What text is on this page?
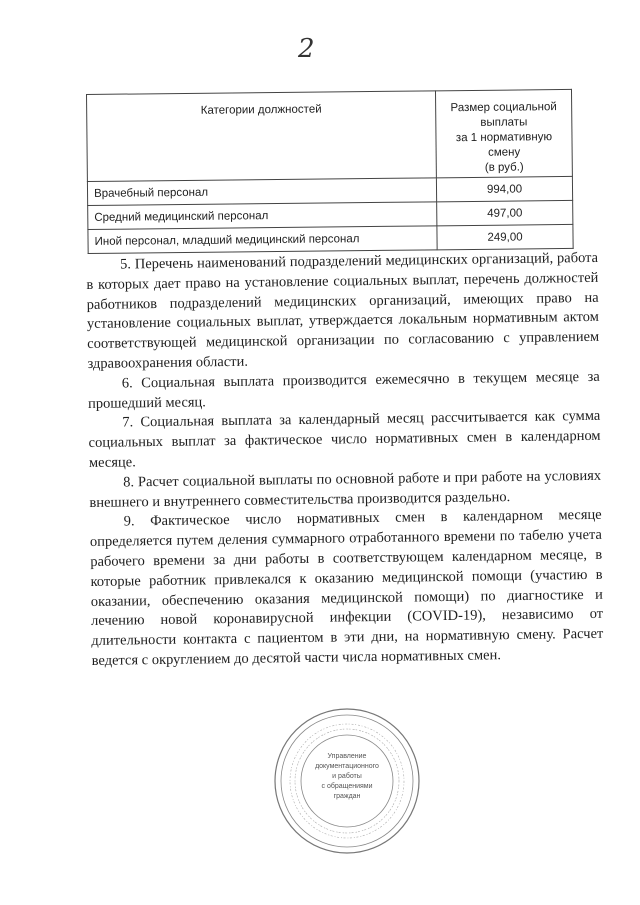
2
Категории должностей	Размер социальной
выплаты
за 1 нормативную смену
(в руб.)

Врачебный персонал	994,00
Средний медицинский персонал	497,00
Иной персонал, младший медицинский персонал	249,00

5. Перечень наименований подразделений медицинских организаций, работа в которых дает право на установление социальных выплат, перечень должностей работников подразделений медицинских организаций, имеющих право на установление социальных выплат, утверждается локальным нормативным актом соответствующей медицинской организации по согласованию с управлением здравоохранения области.

6. Социальная выплата производится ежемесячно в текущем месяце за прошедший месяц.

7. Социальная выплата за календарный месяц рассчитывается как сумма социальных выплат за фактическое число нормативных смен в календарном месяце.

8. Расчет социальной выплаты по основной работе и при работе на условиях внешнего и внутреннего совместительства производится раздельно.

9. Фактическое число нормативных смен в календарном месяце определяется путем деления суммарного отработанного времени по табелю учета рабочего времени за дни работы в соответствующем календарном месяце, в которые работник привлекался к оказанию медицинской помощи (участию в оказании, обеспечению оказания медицинской помощи) по диагностике и лечению новой коронавирусной инфекции (COVID-19), независимо от длительности контакта с пациентом в эти дни, на нормативную смену. Расчет ведется с округлением до десятой части числа нормативных смен.

Управление
документационного
и работы
с обращениями
граждан
